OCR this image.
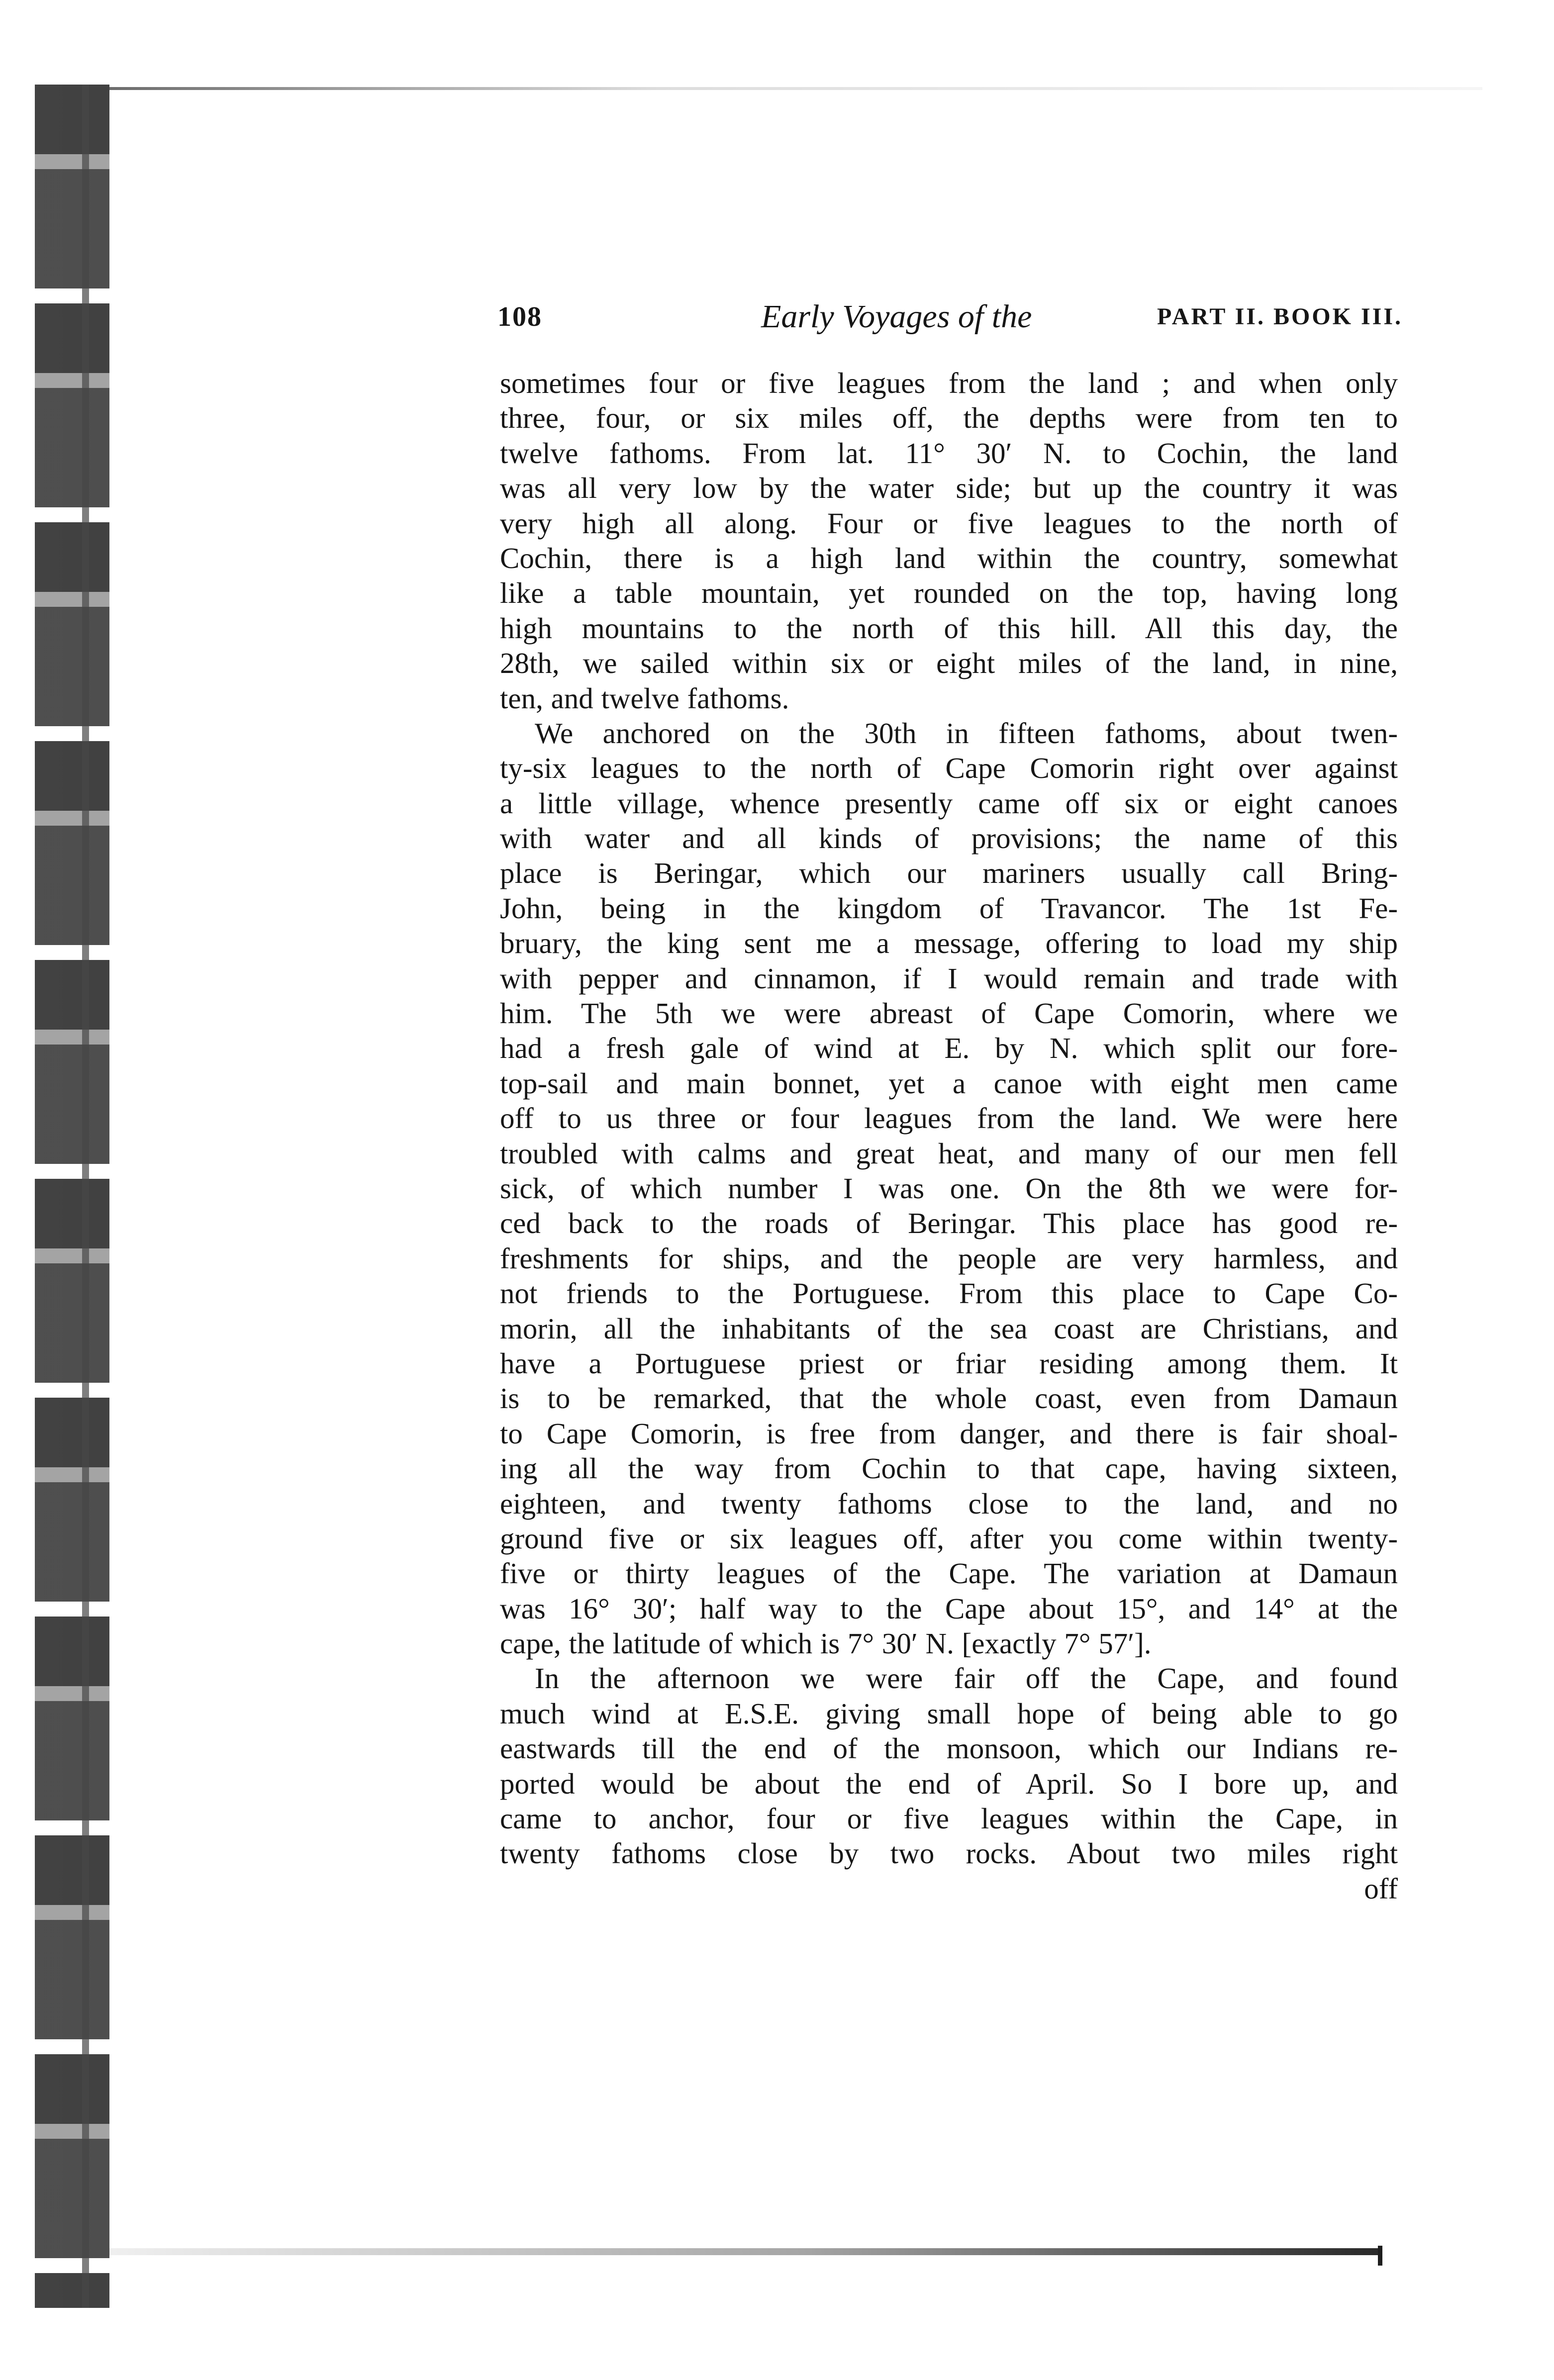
108	Early Voyages of the	PART II. BOOK III.
sometimes four or five leagues from the land ; and when only
three, four, or six miles off, the depths were from ten to
twelve fathoms. From lat. 11° 30′ N. to Cochin, the land
was all very low by the water side; but up the country it was
very high all along. Four or five leagues to the north of
Cochin, there is a high land within the country, somewhat
like a table mountain, yet rounded on the top, having long
high mountains to the north of this hill. All this day, the
28th, we sailed within six or eight miles of the land, in nine,
ten, and twelve fathoms.
We anchored on the 30th in fifteen fathoms, about twen-
ty-six leagues to the north of Cape Comorin right over against
a little village, whence presently came off six or eight canoes
with water and all kinds of provisions; the name of this
place is Beringar, which our mariners usually call Bring-
John, being in the kingdom of Travancor. The 1st Fe-
bruary, the king sent me a message, offering to load my ship
with pepper and cinnamon, if I would remain and trade with
him. The 5th we were abreast of Cape Comorin, where we
had a fresh gale of wind at E. by N. which split our fore-
top-sail and main bonnet, yet a canoe with eight men came
off to us three or four leagues from the land. We were here
troubled with calms and great heat, and many of our men fell
sick, of which number I was one. On the 8th we were for-
ced back to the roads of Beringar. This place has good re-
freshments for ships, and the people are very harmless, and
not friends to the Portuguese. From this place to Cape Co-
morin, all the inhabitants of the sea coast are Christians, and
have a Portuguese priest or friar residing among them. It
is to be remarked, that the whole coast, even from Damaun
to Cape Comorin, is free from danger, and there is fair shoal-
ing all the way from Cochin to that cape, having sixteen,
eighteen, and twenty fathoms close to the land, and no
ground five or six leagues off, after you come within twenty-
five or thirty leagues of the Cape. The variation at Damaun
was 16° 30′; half way to the Cape about 15°, and 14° at the
cape, the latitude of which is 7° 30′ N. [exactly 7° 57′].
In the afternoon we were fair off the Cape, and found
much wind at E.S.E. giving small hope of being able to go
eastwards till the end of the monsoon, which our Indians re-
ported would be about the end of April. So I bore up, and
came to anchor, four or five leagues within the Cape, in
twenty fathoms close by two rocks. About two miles right
off
